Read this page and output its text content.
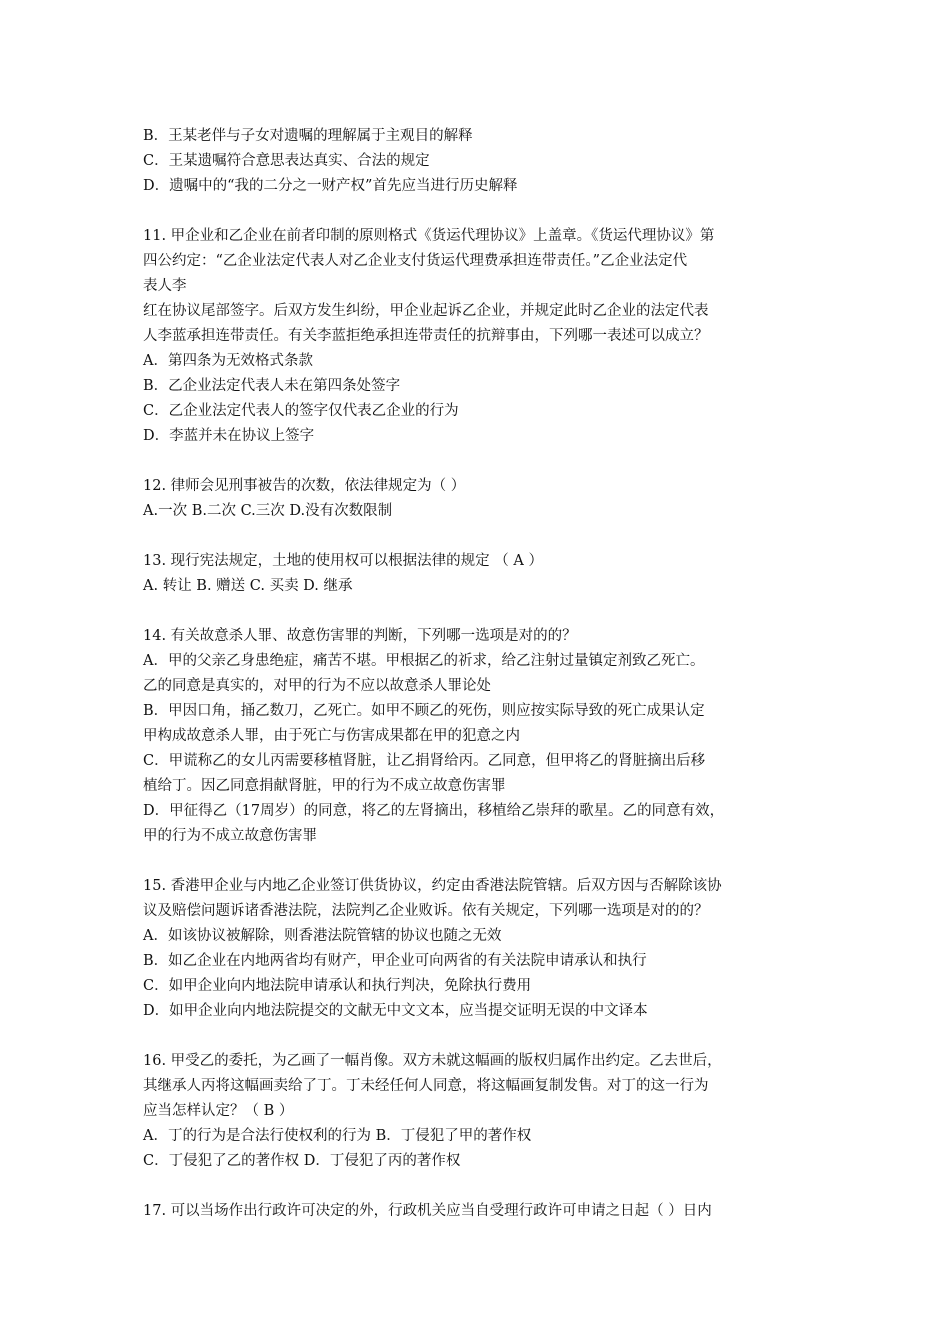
B．王某老伴与子女对遗嘱的理解属于主观目的解释
C．王某遗嘱符合意思表达真实、合法的规定
D．遗嘱中的“我的二分之一财产权”首先应当进行历史解释
11. 甲企业和乙企业在前者印制的原则格式《货运代理协议》上盖章。《货运代理协议》第
四公约定：“乙企业法定代表人对乙企业支付货运代理费承担连带责任。”乙企业法定代
表人李
红在协议尾部签字。后双方发生纠纷，甲企业起诉乙企业，并规定此时乙企业的法定代表
人李蓝承担连带责任。有关李蓝拒绝承担连带责任的抗辩事由，下列哪一表述可以成立？
A．第四条为无效格式条款
B．乙企业法定代表人未在第四条处签字
C．乙企业法定代表人的签字仅代表乙企业的行为
D．李蓝并未在协议上签字
12. 律师会见刑事被告的次数，依法律规定为（ ）
A.一次 B.二次 C.三次 D.没有次数限制
13. 现行宪法规定，土地的使用权可以根据法律的规定 （ A ）
A. 转让 B. 赠送 C. 买卖 D. 继承
14. 有关故意杀人罪、故意伤害罪的判断，下列哪一选项是对的的？
A．甲的父亲乙身患绝症，痛苦不堪。甲根据乙的祈求，给乙注射过量镇定剂致乙死亡。
乙的同意是真实的，对甲的行为不应以故意杀人罪论处
B．甲因口角，捅乙数刀，乙死亡。如甲不顾乙的死伤，则应按实际导致的死亡成果认定
甲构成故意杀人罪，由于死亡与伤害成果都在甲的犯意之内
C．甲谎称乙的女儿丙需要移植肾脏，让乙捐肾给丙。乙同意，但甲将乙的肾脏摘出后移
植给丁。因乙同意捐献肾脏，甲的行为不成立故意伤害罪
D．甲征得乙（17周岁）的同意，将乙的左肾摘出，移植给乙崇拜的歌星。乙的同意有效，
甲的行为不成立故意伤害罪
15. 香港甲企业与内地乙企业签订供货协议，约定由香港法院管辖。后双方因与否解除该协
议及赔偿问题诉诸香港法院，法院判乙企业败诉。依有关规定，下列哪一选项是对的的？
A．如该协议被解除，则香港法院管辖的协议也随之无效
B．如乙企业在内地两省均有财产，甲企业可向两省的有关法院申请承认和执行
C．如甲企业向内地法院申请承认和执行判决，免除执行费用
D．如甲企业向内地法院提交的文献无中文文本，应当提交证明无误的中文译本
16. 甲受乙的委托，为乙画了一幅肖像。双方未就这幅画的版权归属作出约定。乙去世后，
其继承人丙将这幅画卖给了丁。丁未经任何人同意，将这幅画复制发售。对丁的这一行为
应当怎样认定？（ B ）
A．丁的行为是合法行使权利的行为 B．丁侵犯了甲的著作权
C．丁侵犯了乙的著作权 D．丁侵犯了丙的著作权
17. 可以当场作出行政许可决定的外，行政机关应当自受理行政许可申请之日起（ ）日内
